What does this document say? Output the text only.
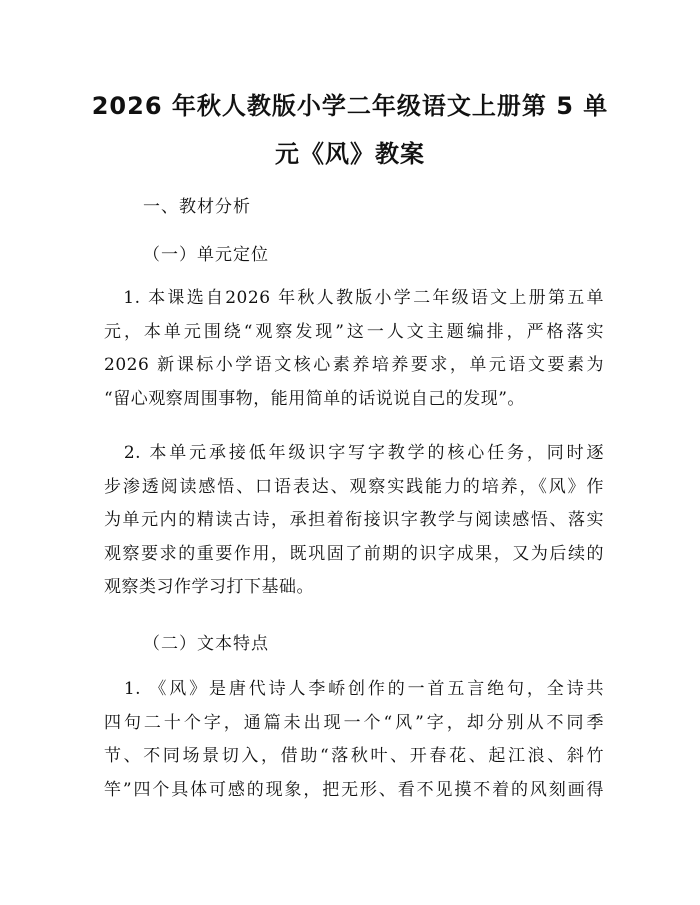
2026 年秋人教版小学二年级语文上册第 5 单
元《风》教案
一、教材分析
（一）单元定位
　1. 本课选自2026 年秋人教版小学二年级语文上册第五单
元，本单元围绕“观察发现”这一人文主题编排，严格落实
2026 新课标小学语文核心素养培养要求，单元语文要素为
“留心观察周围事物，能用简单的话说说自己的发现”。
　2. 本单元承接低年级识字写字教学的核心任务，同时逐
步渗透阅读感悟、口语表达、观察实践能力的培养，《风》作
为单元内的精读古诗，承担着衔接识字教学与阅读感悟、落实
观察要求的重要作用，既巩固了前期的识字成果，又为后续的
观察类习作学习打下基础。
（二）文本特点
　1. 《风》是唐代诗人李峤创作的一首五言绝句，全诗共
四句二十个字，通篇未出现一个“风”字，却分别从不同季
节、不同场景切入，借助“落秋叶、开春花、起江浪、斜竹
竿”四个具体可感的现象，把无形、看不见摸不着的风刻画得
